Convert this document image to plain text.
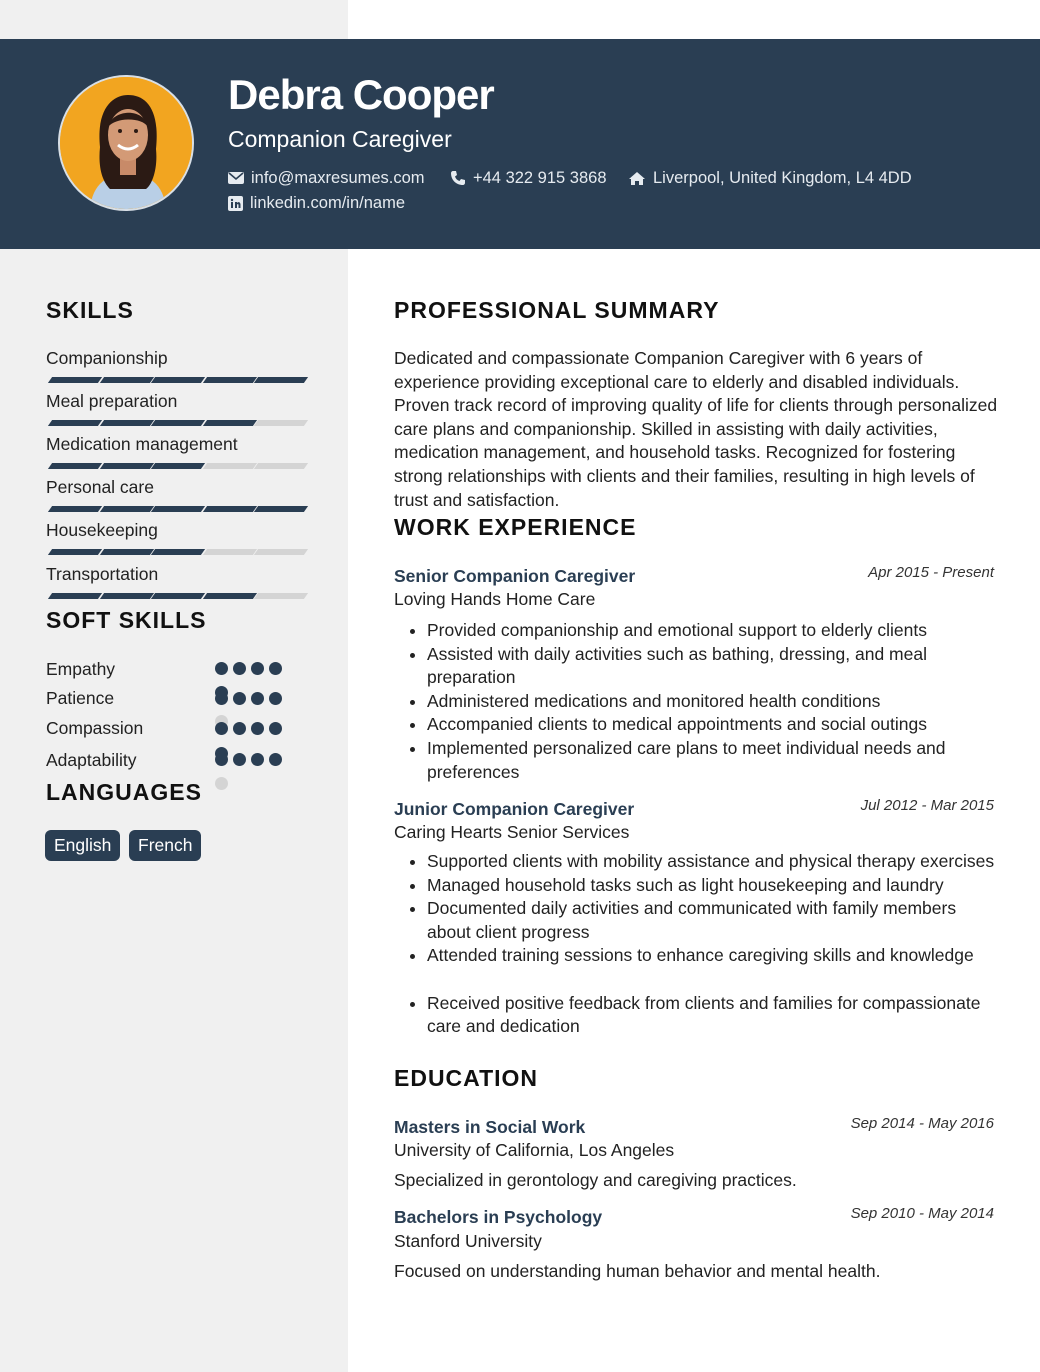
Debra Cooper
Companion Caregiver
info@maxresumes.com	+44 322 915 3868	Liverpool, United Kingdom, L4 4DD
linkedin.com/in/name
SKILLS
Companionship
Meal preparation
Medication management
Personal care
Housekeeping
Transportation
SOFT SKILLS
Empathy
Patience
Compassion
Adaptability
LANGUAGES
English	French
PROFESSIONAL SUMMARY
Dedicated and compassionate Companion Caregiver with 6 years of experience providing exceptional care to elderly and disabled individuals. Proven track record of improving quality of life for clients through personalized care plans and companionship. Skilled in assisting with daily activities, medication management, and household tasks. Recognized for fostering strong relationships with clients and their families, resulting in high levels of trust and satisfaction.
WORK EXPERIENCE
Senior Companion Caregiver	Apr 2015 - Present
Loving Hands Home Care
• Provided companionship and emotional support to elderly clients
• Assisted with daily activities such as bathing, dressing, and meal preparation
• Administered medications and monitored health conditions
• Accompanied clients to medical appointments and social outings
• Implemented personalized care plans to meet individual needs and preferences
Junior Companion Caregiver	Jul 2012 - Mar 2015
Caring Hearts Senior Services
• Supported clients with mobility assistance and physical therapy exercises
• Managed household tasks such as light housekeeping and laundry
• Documented daily activities and communicated with family members about client progress
• Attended training sessions to enhance caregiving skills and knowledge
• Received positive feedback from clients and families for compassionate care and dedication
EDUCATION
Masters in Social Work	Sep 2014 - May 2016
University of California, Los Angeles
Specialized in gerontology and caregiving practices.
Bachelors in Psychology	Sep 2010 - May 2014
Stanford University
Focused on understanding human behavior and mental health.
